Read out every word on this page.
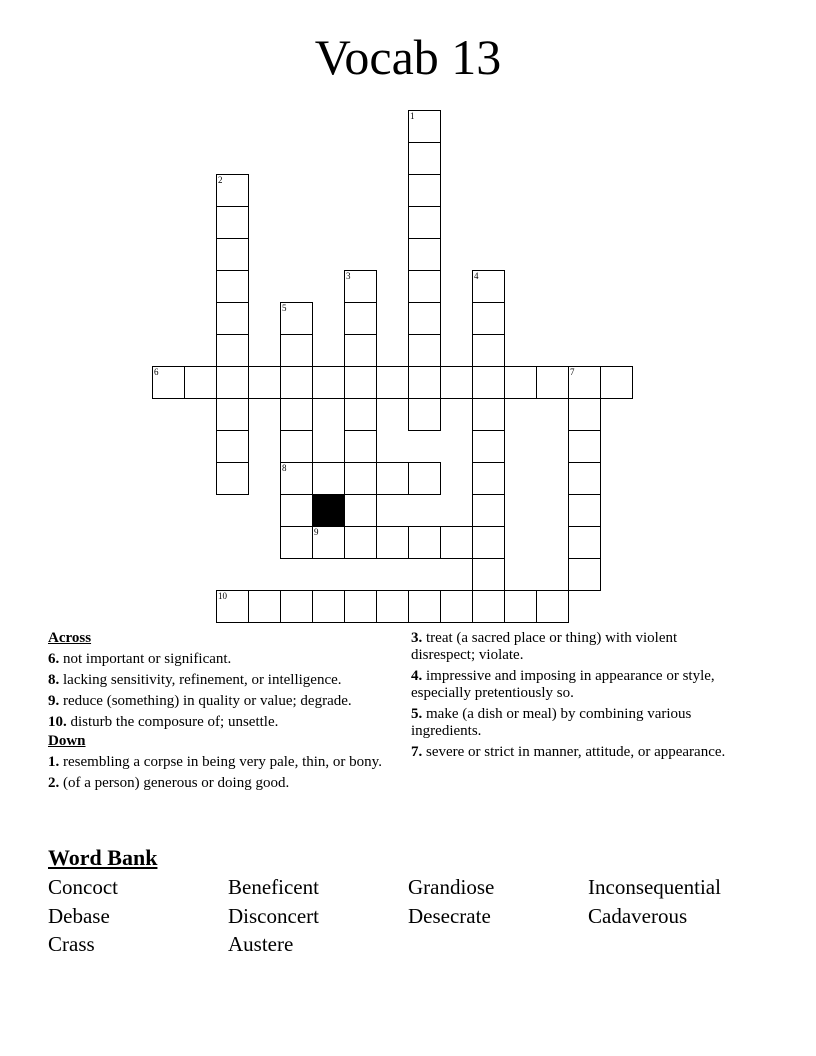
Vocab 13
1
2
3	4
5
6	7
8
9
10
Across
6. not important or significant.
8. lacking sensitivity, refinement, or intelligence.
9. reduce (something) in quality or value; degrade.
10. disturb the composure of; unsettle.
Down
1. resembling a corpse in being very pale, thin, or bony.
2. (of a person) generous or doing good.
3. treat (a sacred place or thing) with violent disrespect; violate.
4. impressive and imposing in appearance or style, especially pretentiously so.
5. make (a dish or meal) by combining various ingredients.
7. severe or strict in manner, attitude, or appearance.
Word Bank
Concoct	Beneficent	Grandiose	Inconsequential
Debase	Disconcert	Desecrate	Cadaverous
Crass	Austere
